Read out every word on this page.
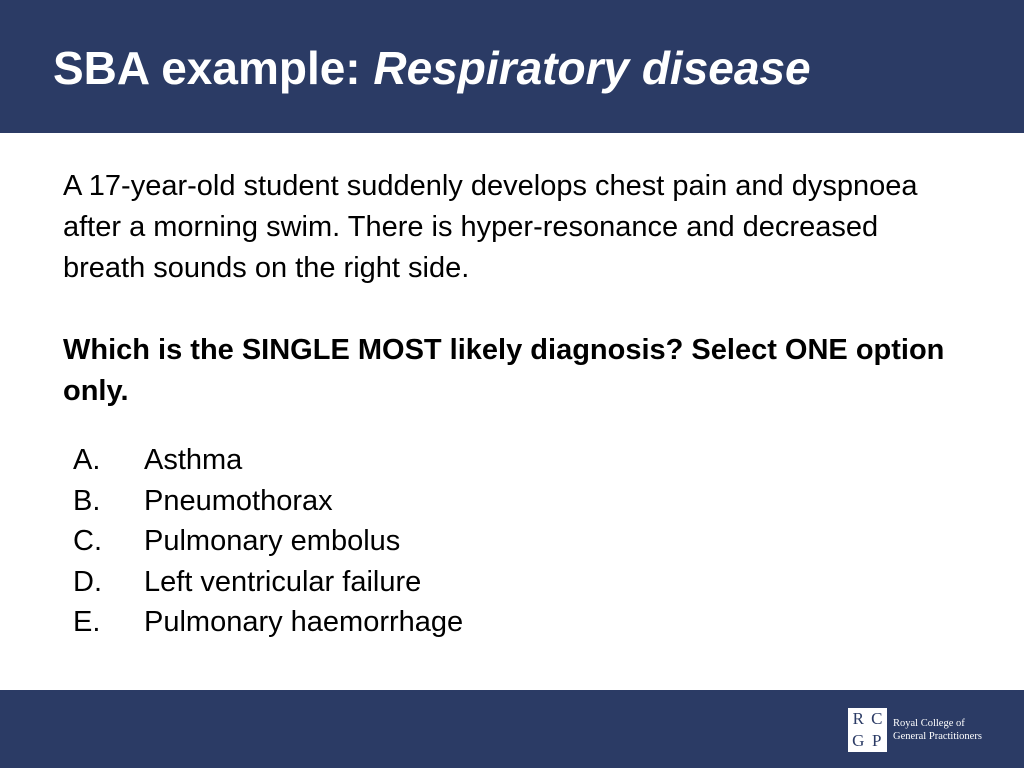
SBA example: Respiratory disease

A 17-year-old student suddenly develops chest pain and dyspnoea after a morning swim. There is hyper-resonance and decreased breath sounds on the right side.

Which is the SINGLE MOST likely diagnosis? Select ONE option only.

A.	Asthma
B.	Pneumothorax
C.	Pulmonary embolus
D.	Left ventricular failure
E.	Pulmonary haemorrhage
R C
G P
Royal College of
General Practitioners
